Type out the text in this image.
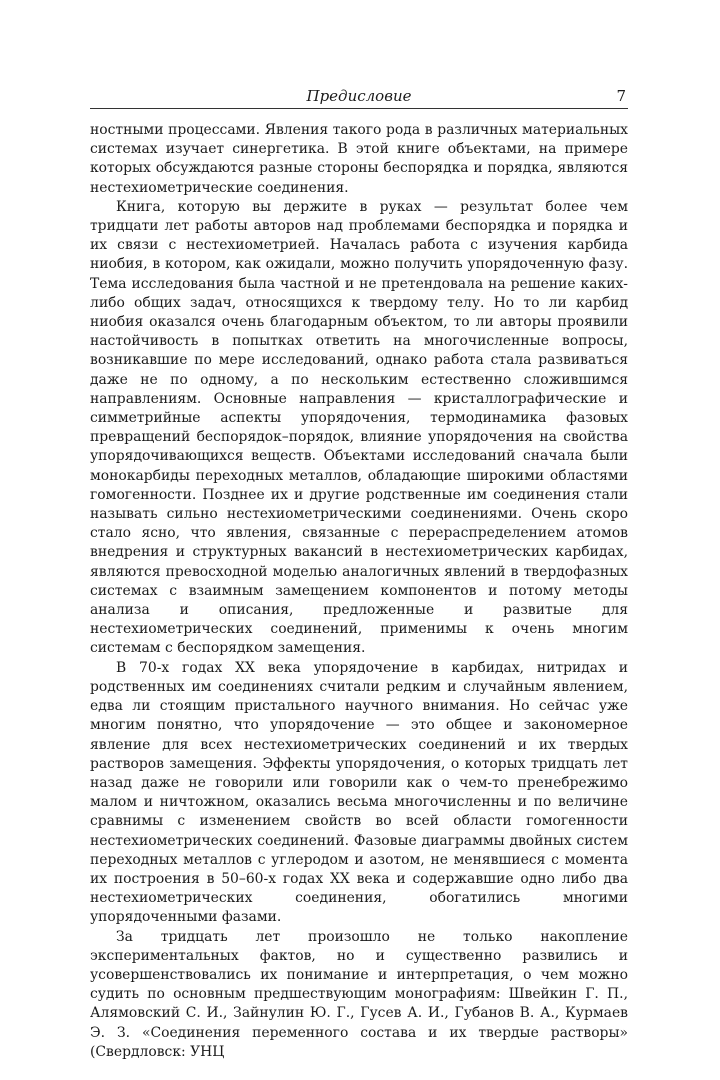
Предисловие	7

ностными процессами. Явления такого рода в различных материальных системах изучает синергетика. В этой книге объектами, на примере которых обсуждаются разные стороны беспорядка и порядка, являются нестехиометрические соединения.

Книга, которую вы держите в руках — результат более чем тридцати лет работы авторов над проблемами беспорядка и порядка и их связи с нестехиометрией. Началась работа с изучения карбида ниобия, в котором, как ожидали, можно получить упорядоченную фазу. Тема исследования была частной и не претендовала на решение каких-либо общих задач, относящихся к твердому телу. Но то ли карбид ниобия оказался очень благодарным объектом, то ли авторы проявили настойчивость в попытках ответить на многочисленные вопросы, возникавшие по мере исследований, однако работа стала развиваться даже не по одному, а по нескольким естественно сложившимся направлениям. Основные направления — кристаллографические и симметрийные аспекты упорядочения, термодинамика фазовых превращений беспорядок–порядок, влияние упорядочения на свойства упорядочивающихся веществ. Объектами исследований сначала были монокарбиды переходных металлов, обладающие широкими областями гомогенности. Позднее их и другие родственные им соединения стали называть сильно нестехиометрическими соединениями. Очень скоро стало ясно, что явления, связанные с перераспределением атомов внедрения и структурных вакансий в нестехиометрических карбидах, являются превосходной моделью аналогичных явлений в твердофазных системах с взаимным замещением компонентов и потому методы анализа и описания, предложенные и развитые для нестехиометрических соединений, применимы к очень многим системам с беспорядком замещения.

В 70-х годах XX века упорядочение в карбидах, нитридах и родственных им соединениях считали редким и случайным явлением, едва ли стоящим пристального научного внимания. Но сейчас уже многим понятно, что упорядочение — это общее и закономерное явление для всех нестехиометрических соединений и их твердых растворов замещения. Эффекты упорядочения, о которых тридцать лет назад даже не говорили или говорили как о чем-то пренебрежимо малом и ничтожном, оказались весьма многочисленны и по величине сравнимы с изменением свойств во всей области гомогенности нестехиометрических соединений. Фазовые диаграммы двойных систем переходных металлов с углеродом и азотом, не менявшиеся с момента их построения в 50–60-х годах XX века и содержавшие одно либо два нестехиометрических соединения, обогатились многими упорядоченными фазами.

За тридцать лет произошло не только накопление экспериментальных фактов, но и существенно развились и усовершенствовались их понимание и интерпретация, о чем можно судить по основным предшествующим монографиям: Швейкин Г. П., Алямовский С. И., Зайнулин Ю. Г., Гусев А. И., Губанов В. А., Курмаев Э. З. «Соединения переменного состава и их твердые растворы» (Свердловск: УНЦ
